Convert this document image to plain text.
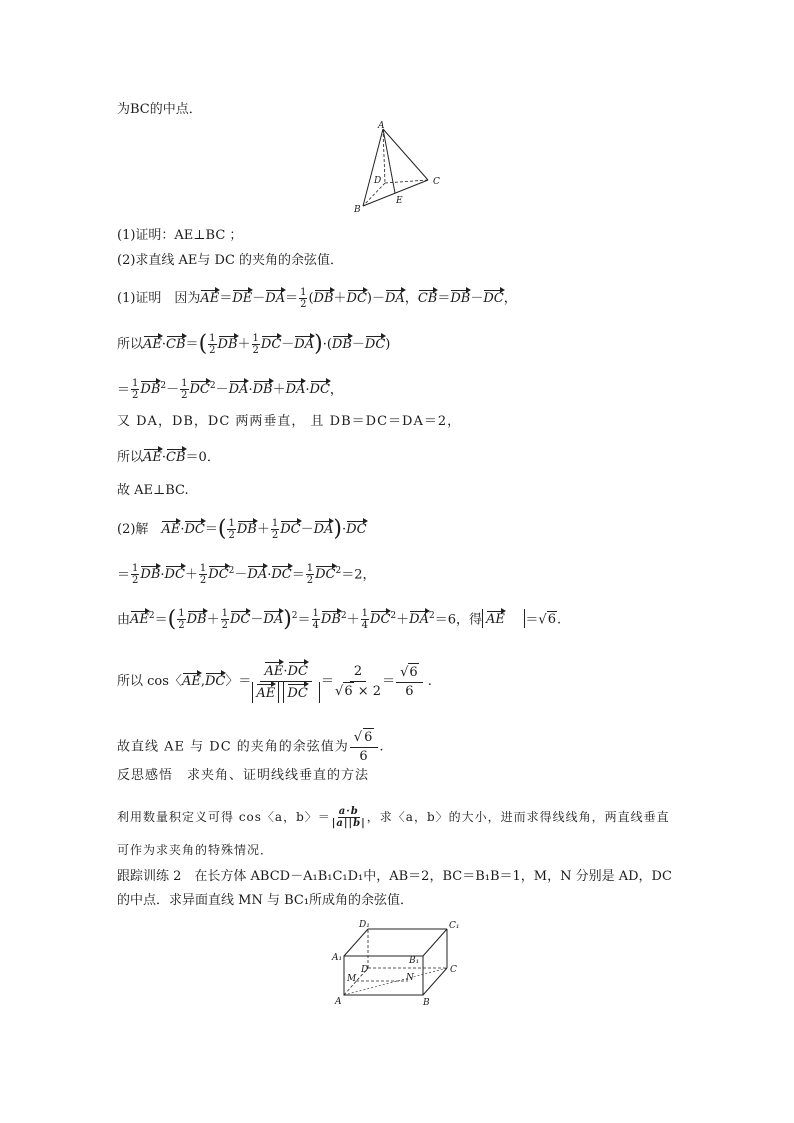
为BC的中点．
A
B
C
D
E
(1)证明：AE⊥BC ；
(2)求直线 AE与 DC 的夹角的余弦值．
(1)证明　因为$AE=DE-DA= \frac{1}{2} (DB+DC)-DA$，CB＝DB－DC，
所以$AE\cdot CB=( \frac{1}{2} DB+ \frac{1}{2} DC-DA)\cdot(DB-DC)$
＝ $\frac{1}{2} DB^2- \frac{1}{2} DC^2-DA\cdot DB+DA\cdot DC$，
又 DA，DB，DC 两两垂直， 且 DB＝DC＝DA＝2，
所以AE·CB＝0．
故 AE⊥BC.
(2)解　 $AE\cdot DC=( \frac{1}{2} DB+ \frac{1}{2} DC-DA)\cdot DC$
＝ $\frac{1}{2} DB\cdot DC+ \frac{1}{2} DC^2-DA\cdot DC= \frac{1}{2} DC^2=2$，
由$AE^2=( \frac{1}{2} DB+ \frac{1}{2} DC-DA)^2= \frac{1}{4} DB^2+ \frac{1}{4} DC^2+DA^2=6$，得 AE ＝√6.
所以 cos〈AE,DC〉＝ $\frac{AE\cdot DC}{\text{AE DC}} = \frac{2}{√6 \times 2} = \frac{√6}{6}$ .
故直线 AE 与 DC 的夹角的余弦值为 $\frac{√6}{6}$ .
反思感悟　求夹角、证明线线垂直的方法
利用数量积定义可得 cos〈a，b〉＝ $\frac{a\cdot b}{|a||b|}$ ，求〈a，b〉的大小，进而求得线线角，两直线垂直
可作为求夹角的特殊情况．
跟踪训练 2　在长方体 ABCD－A₁B₁C₁D₁中，AB＝2，BC＝B₁B＝1，M，N 分别是 AD，DC
的中点．求异面直线 MN 与 BC₁所成角的余弦值．
A	B
C
D
A₁	B₁
C₁
D₁
M	N
